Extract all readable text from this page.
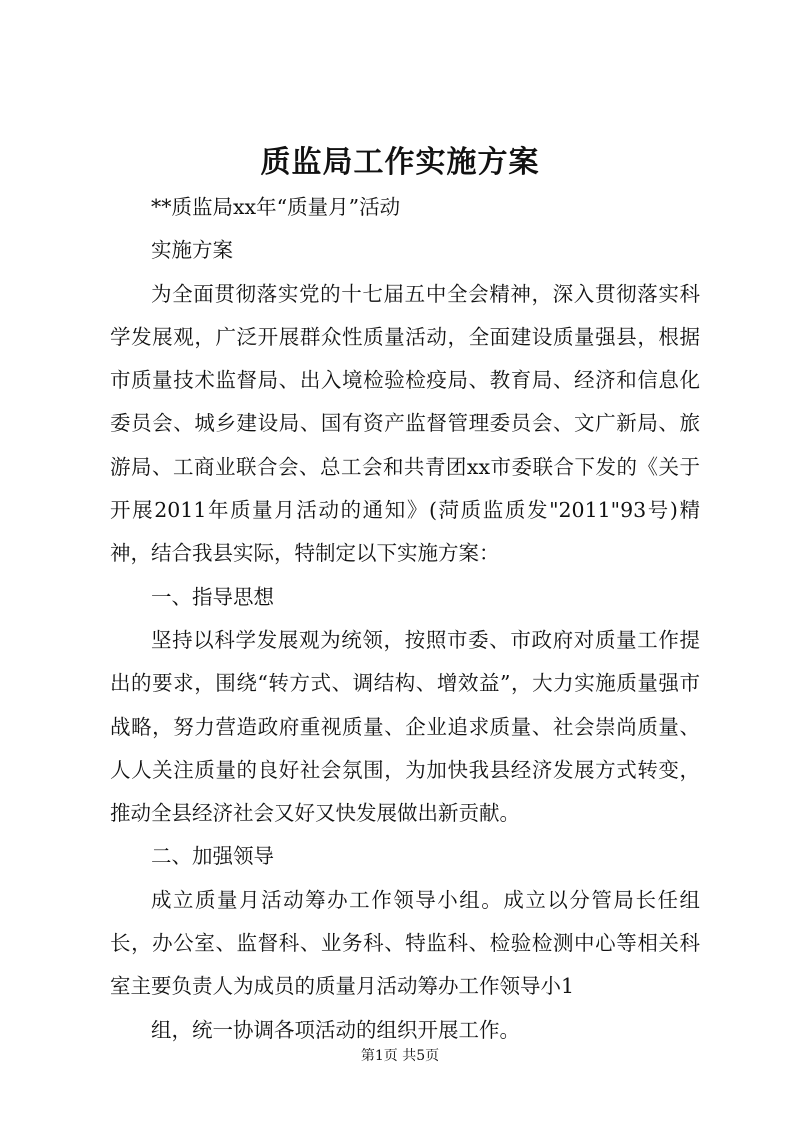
质监局工作实施方案

**质监局xx年“质量月”活动

实施方案

为全面贯彻落实党的十七届五中全会精神，深入贯彻落实科学发展观，广泛开展群众性质量活动，全面建设质量强县，根据市质量技术监督局、出入境检验检疫局、教育局、经济和信息化委员会、城乡建设局、国有资产监督管理委员会、文广新局、旅游局、工商业联合会、总工会和共青团xx市委联合下发的《关于开展2011年质量月活动的通知》(菏质监质发"2011"93号)精神，结合我县实际，特制定以下实施方案：

一、指导思想

坚持以科学发展观为统领，按照市委、市政府对质量工作提出的要求，围绕“转方式、调结构、增效益”，大力实施质量强市战略，努力营造政府重视质量、企业追求质量、社会崇尚质量、人人关注质量的良好社会氛围，为加快我县经济发展方式转变，推动全县经济社会又好又快发展做出新贡献。

二、加强领导

成立质量月活动筹办工作领导小组。成立以分管局长任组长，办公室、监督科、业务科、特监科、检验检测中心等相关科室主要负责人为成员的质量月活动筹办工作领导小1

组，统一协调各项活动的组织开展工作。

第1页 共5页
